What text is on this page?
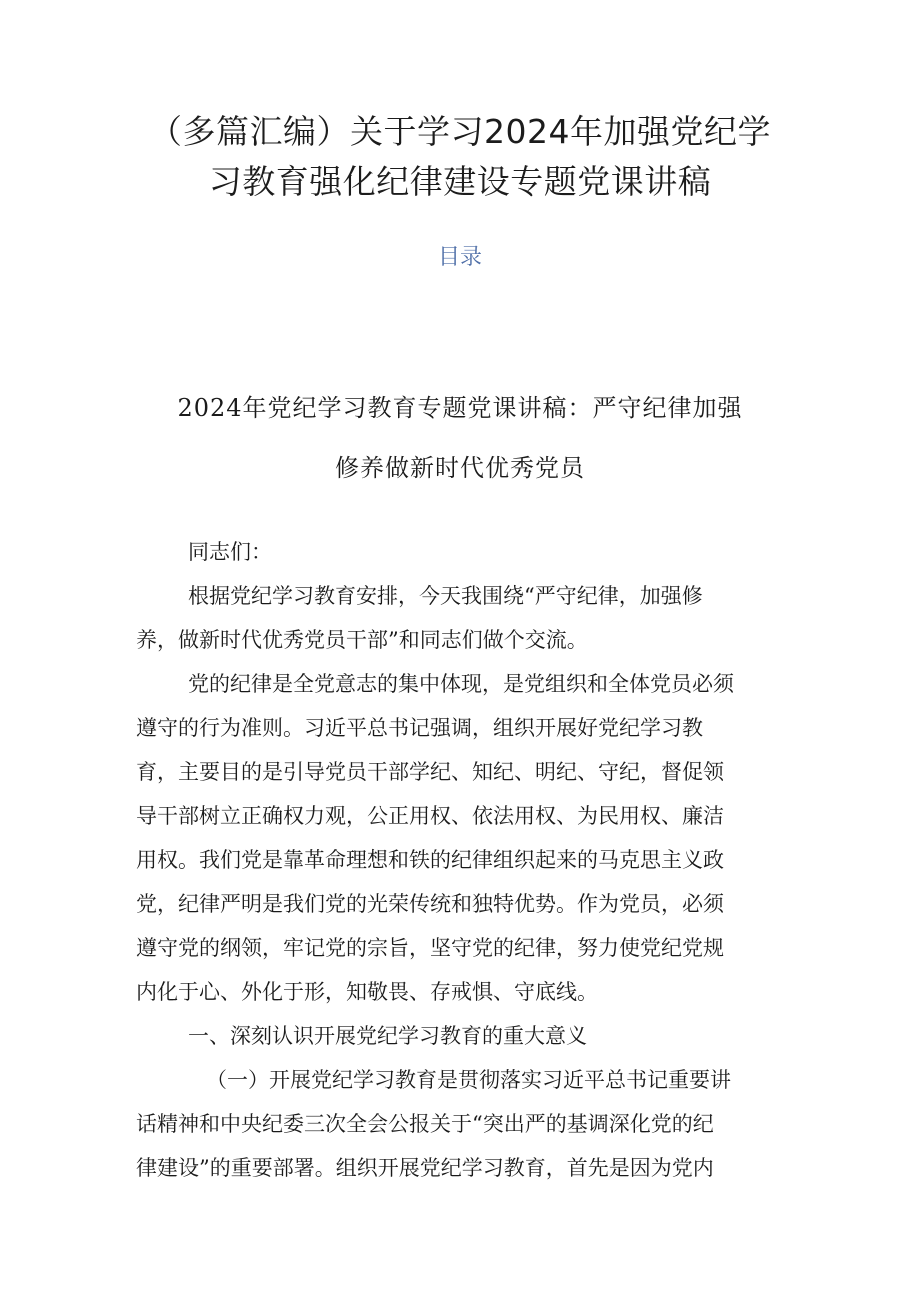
（多篇汇编）关于学习2024年加强党纪学
习教育强化纪律建设专题党课讲稿
目录
2024年党纪学习教育专题党课讲稿：严守纪律加强
修养做新时代优秀党员
同志们：
根据党纪学习教育安排，今天我围绕“严守纪律，加强修
养，做新时代优秀党员干部”和同志们做个交流。
党的纪律是全党意志的集中体现，是党组织和全体党员必须
遵守的行为准则。习近平总书记强调，组织开展好党纪学习教
育，主要目的是引导党员干部学纪、知纪、明纪、守纪，督促领
导干部树立正确权力观，公正用权、依法用权、为民用权、廉洁
用权。我们党是靠革命理想和铁的纪律组织起来的马克思主义政
党，纪律严明是我们党的光荣传统和独特优势。作为党员，必须
遵守党的纲领，牢记党的宗旨，坚守党的纪律，努力使党纪党规
内化于心、外化于形，知敬畏、存戒惧、守底线。
一、深刻认识开展党纪学习教育的重大意义
（一）开展党纪学习教育是贯彻落实习近平总书记重要讲
话精神和中央纪委三次全会公报关于“突出严的基调深化党的纪
律建设”的重要部署。组织开展党纪学习教育，首先是因为党内
